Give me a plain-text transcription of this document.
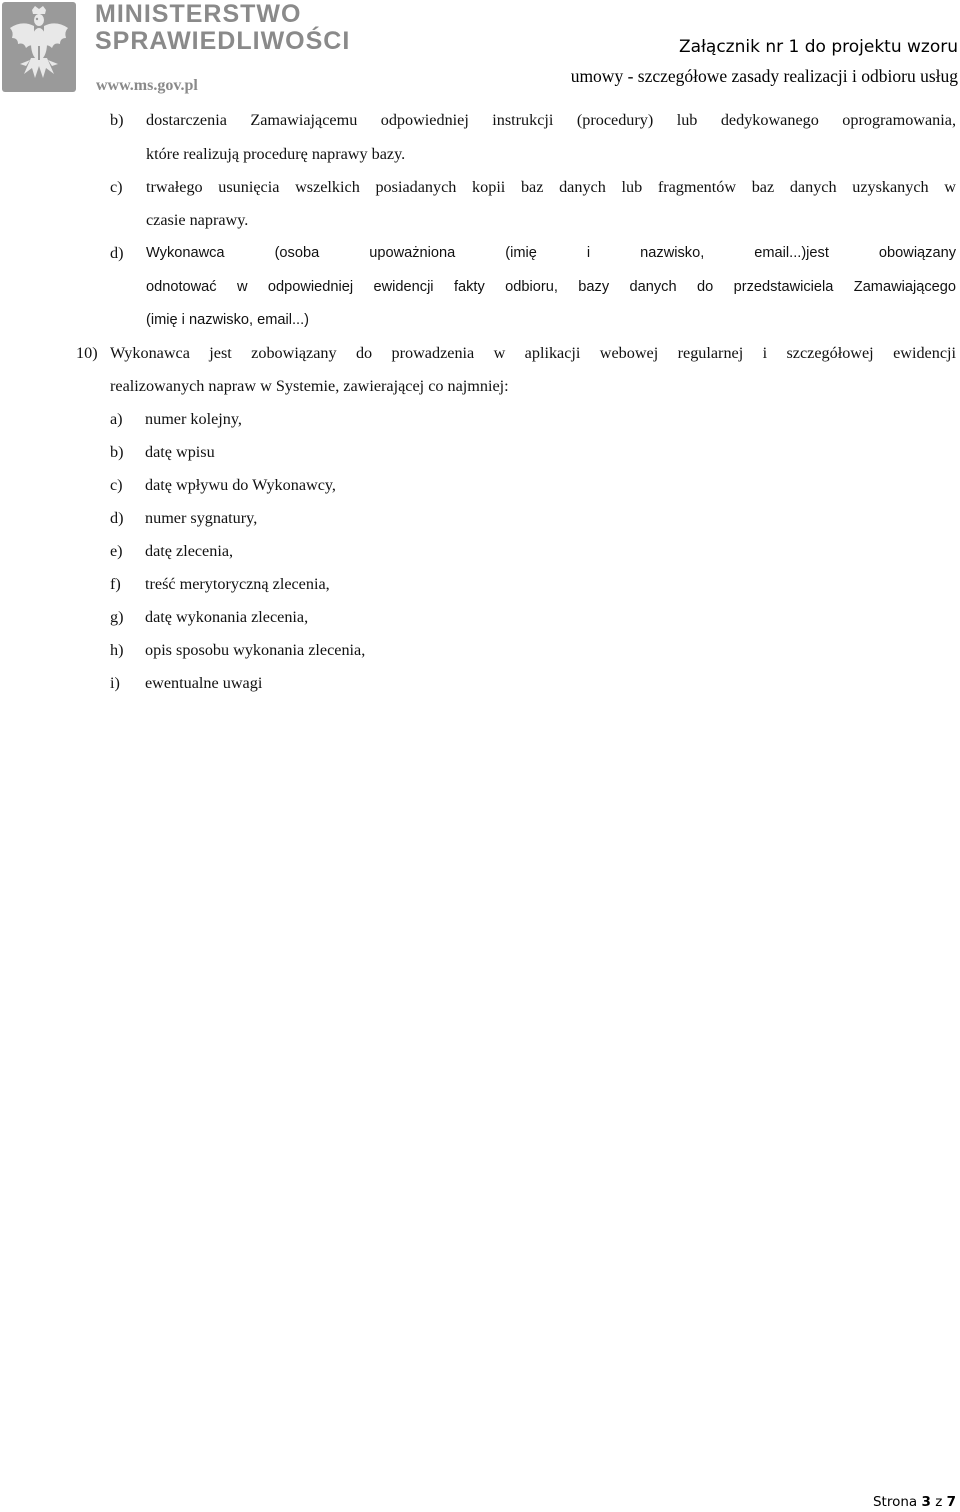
MINISTERSTWO
SPRAWIEDLIWOŚCI
www.ms.gov.pl
Załącznik nr 1 do projektu wzoru
umowy - szczegółowe zasady realizacji i odbioru usług
b) dostarczenia Zamawiającemu odpowiedniej instrukcji (procedury) lub dedykowanego oprogramowania,
które realizują procedurę naprawy bazy.
c) trwałego usunięcia wszelkich posiadanych kopii baz danych lub fragmentów baz danych uzyskanych w
czasie naprawy.
d) Wykonawca (osoba upoważniona (imię i nazwisko, email...)jest obowiązany
odnotować w odpowiedniej ewidencji fakty odbioru, bazy danych do przedstawiciela Zamawiającego
(imię i nazwisko, email...)
10) Wykonawca jest zobowiązany do prowadzenia w aplikacji webowej regularnej i szczegółowej ewidencji
realizowanych napraw w Systemie, zawierającej co najmniej:
a) numer kolejny,
b) datę wpisu
c) datę wpływu do Wykonawcy,
d) numer sygnatury,
e) datę zlecenia,
f) treść merytoryczną zlecenia,
g) datę wykonania zlecenia,
h) opis sposobu wykonania zlecenia,
i) ewentualne uwagi
Strona 3 z 7
